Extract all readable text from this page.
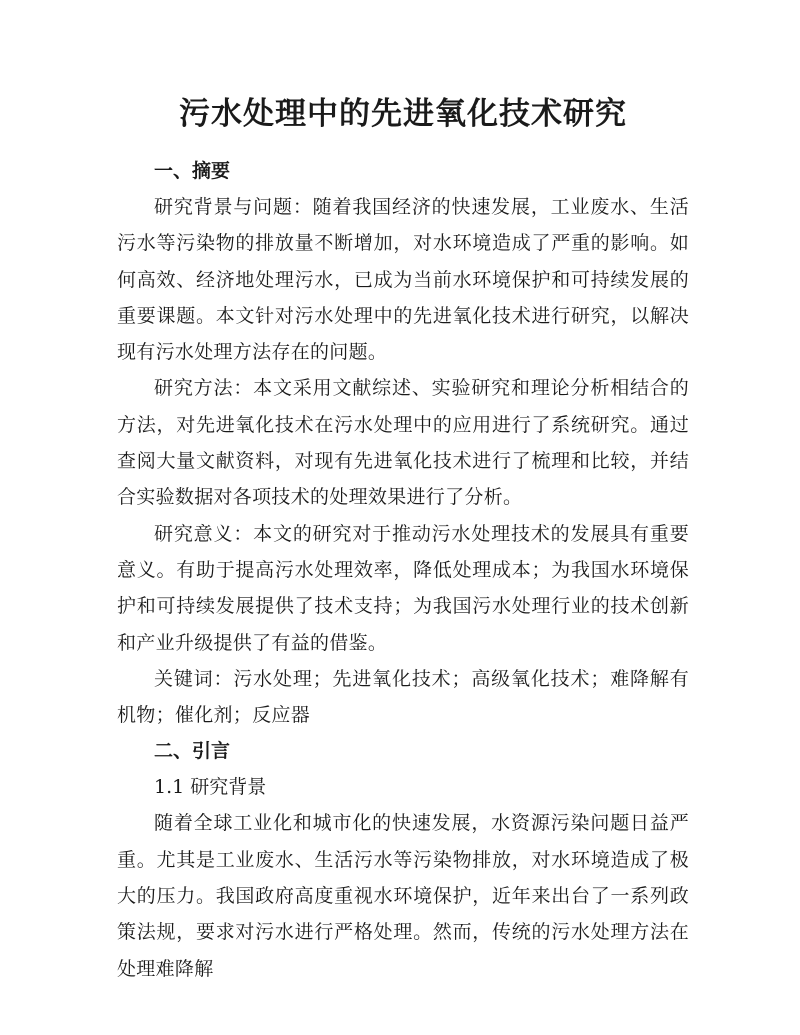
污水处理中的先进氧化技术研究

一、摘要

研究背景与问题：随着我国经济的快速发展，工业废水、生活污水等污染物的排放量不断增加，对水环境造成了严重的影响。如何高效、经济地处理污水，已成为当前水环境保护和可持续发展的重要课题。本文针对污水处理中的先进氧化技术进行研究，以解决现有污水处理方法存在的问题。

研究方法：本文采用文献综述、实验研究和理论分析相结合的方法，对先进氧化技术在污水处理中的应用进行了系统研究。通过查阅大量文献资料，对现有先进氧化技术进行了梳理和比较，并结合实验数据对各项技术的处理效果进行了分析。

研究意义：本文的研究对于推动污水处理技术的发展具有重要意义。有助于提高污水处理效率，降低处理成本；为我国水环境保护和可持续发展提供了技术支持；为我国污水处理行业的技术创新和产业升级提供了有益的借鉴。

关键词：污水处理；先进氧化技术；高级氧化技术；难降解有机物；催化剂；反应器

二、引言

1.1 研究背景

随着全球工业化和城市化的快速发展，水资源污染问题日益严重。尤其是工业废水、生活污水等污染物排放，对水环境造成了极大的压力。我国政府高度重视水环境保护，近年来出台了一系列政策法规，要求对污水进行严格处理。然而，传统的污水处理方法在处理难降解
